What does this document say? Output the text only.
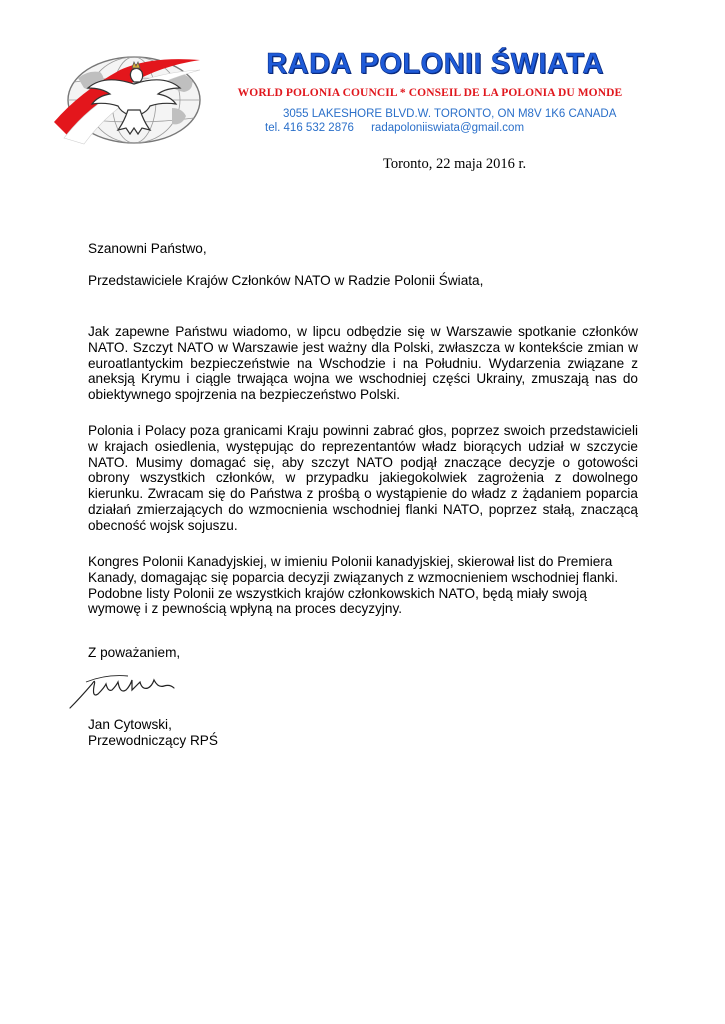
RADA POLONII ŚWIATA
WORLD POLONIA COUNCIL * CONSEIL DE LA POLONIA DU MONDE
3055 LAKESHORE BLVD.W. TORONTO, ON M8V 1K6 CANADA
tel. 416 532 2876 radapoloniiswiata@gmail.com
Toronto, 22 maja 2016 r.
Szanowni Państwo,
Przedstawiciele Krajów Członków NATO w Radzie Polonii Świata,

Jak zapewne Państwu wiadomo, w lipcu odbędzie się w Warszawie spotkanie członków NATO. Szczyt NATO w Warszawie jest ważny dla Polski, zwłaszcza w kontekście zmian w euroatlantyckim bezpieczeństwie na Wschodzie i na Południu. Wydarzenia związane z aneksją Krymu i ciągle trwająca wojna we wschodniej części Ukrainy, zmuszają nas do obiektywnego spojrzenia na bezpieczeństwo Polski.

Polonia i Polacy poza granicami Kraju powinni zabrać głos, poprzez swoich przedstawicieli w krajach osiedlenia, występując do reprezentantów władz biorących udział w szczycie NATO. Musimy domagać się, aby szczyt NATO podjął znaczące decyzje o gotowości obrony wszystkich członków, w przypadku jakiegokolwiek zagrożenia z dowolnego kierunku. Zwracam się do Państwa z prośbą o wystąpienie do władz z żądaniem poparcia działań zmierzających do wzmocnienia wschodniej flanki NATO, poprzez stałą, znaczącą obecność wojsk sojuszu.

Kongres Polonii Kanadyjskiej, w imieniu Polonii kanadyjskiej, skierował list do Premiera Kanady, domagając się poparcia decyzji związanych z wzmocnieniem wschodniej flanki. Podobne listy Polonii ze wszystkich krajów członkowskich NATO, będą miały swoją wymowę i z pewnością wpłyną na proces decyzyjny.

Z poważaniem,
Jan Cytowski,
Przewodniczący RPŚ
